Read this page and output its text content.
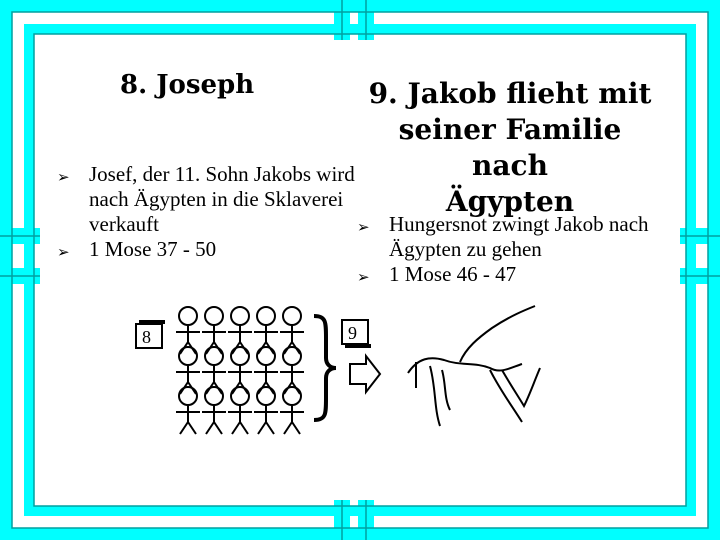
8. Joseph	9. Jakob flieht mit
seiner Familie nach
Ägypten
➢ Josef, der 11. Sohn Jakobs wird nach Ägypten in die Sklaverei verkauft
➢ 1 Mose 37 - 50
➢ Hungersnot zwingt Jakob nach Ägypten zu gehen
➢ 1 Mose 46 - 47
8	9
